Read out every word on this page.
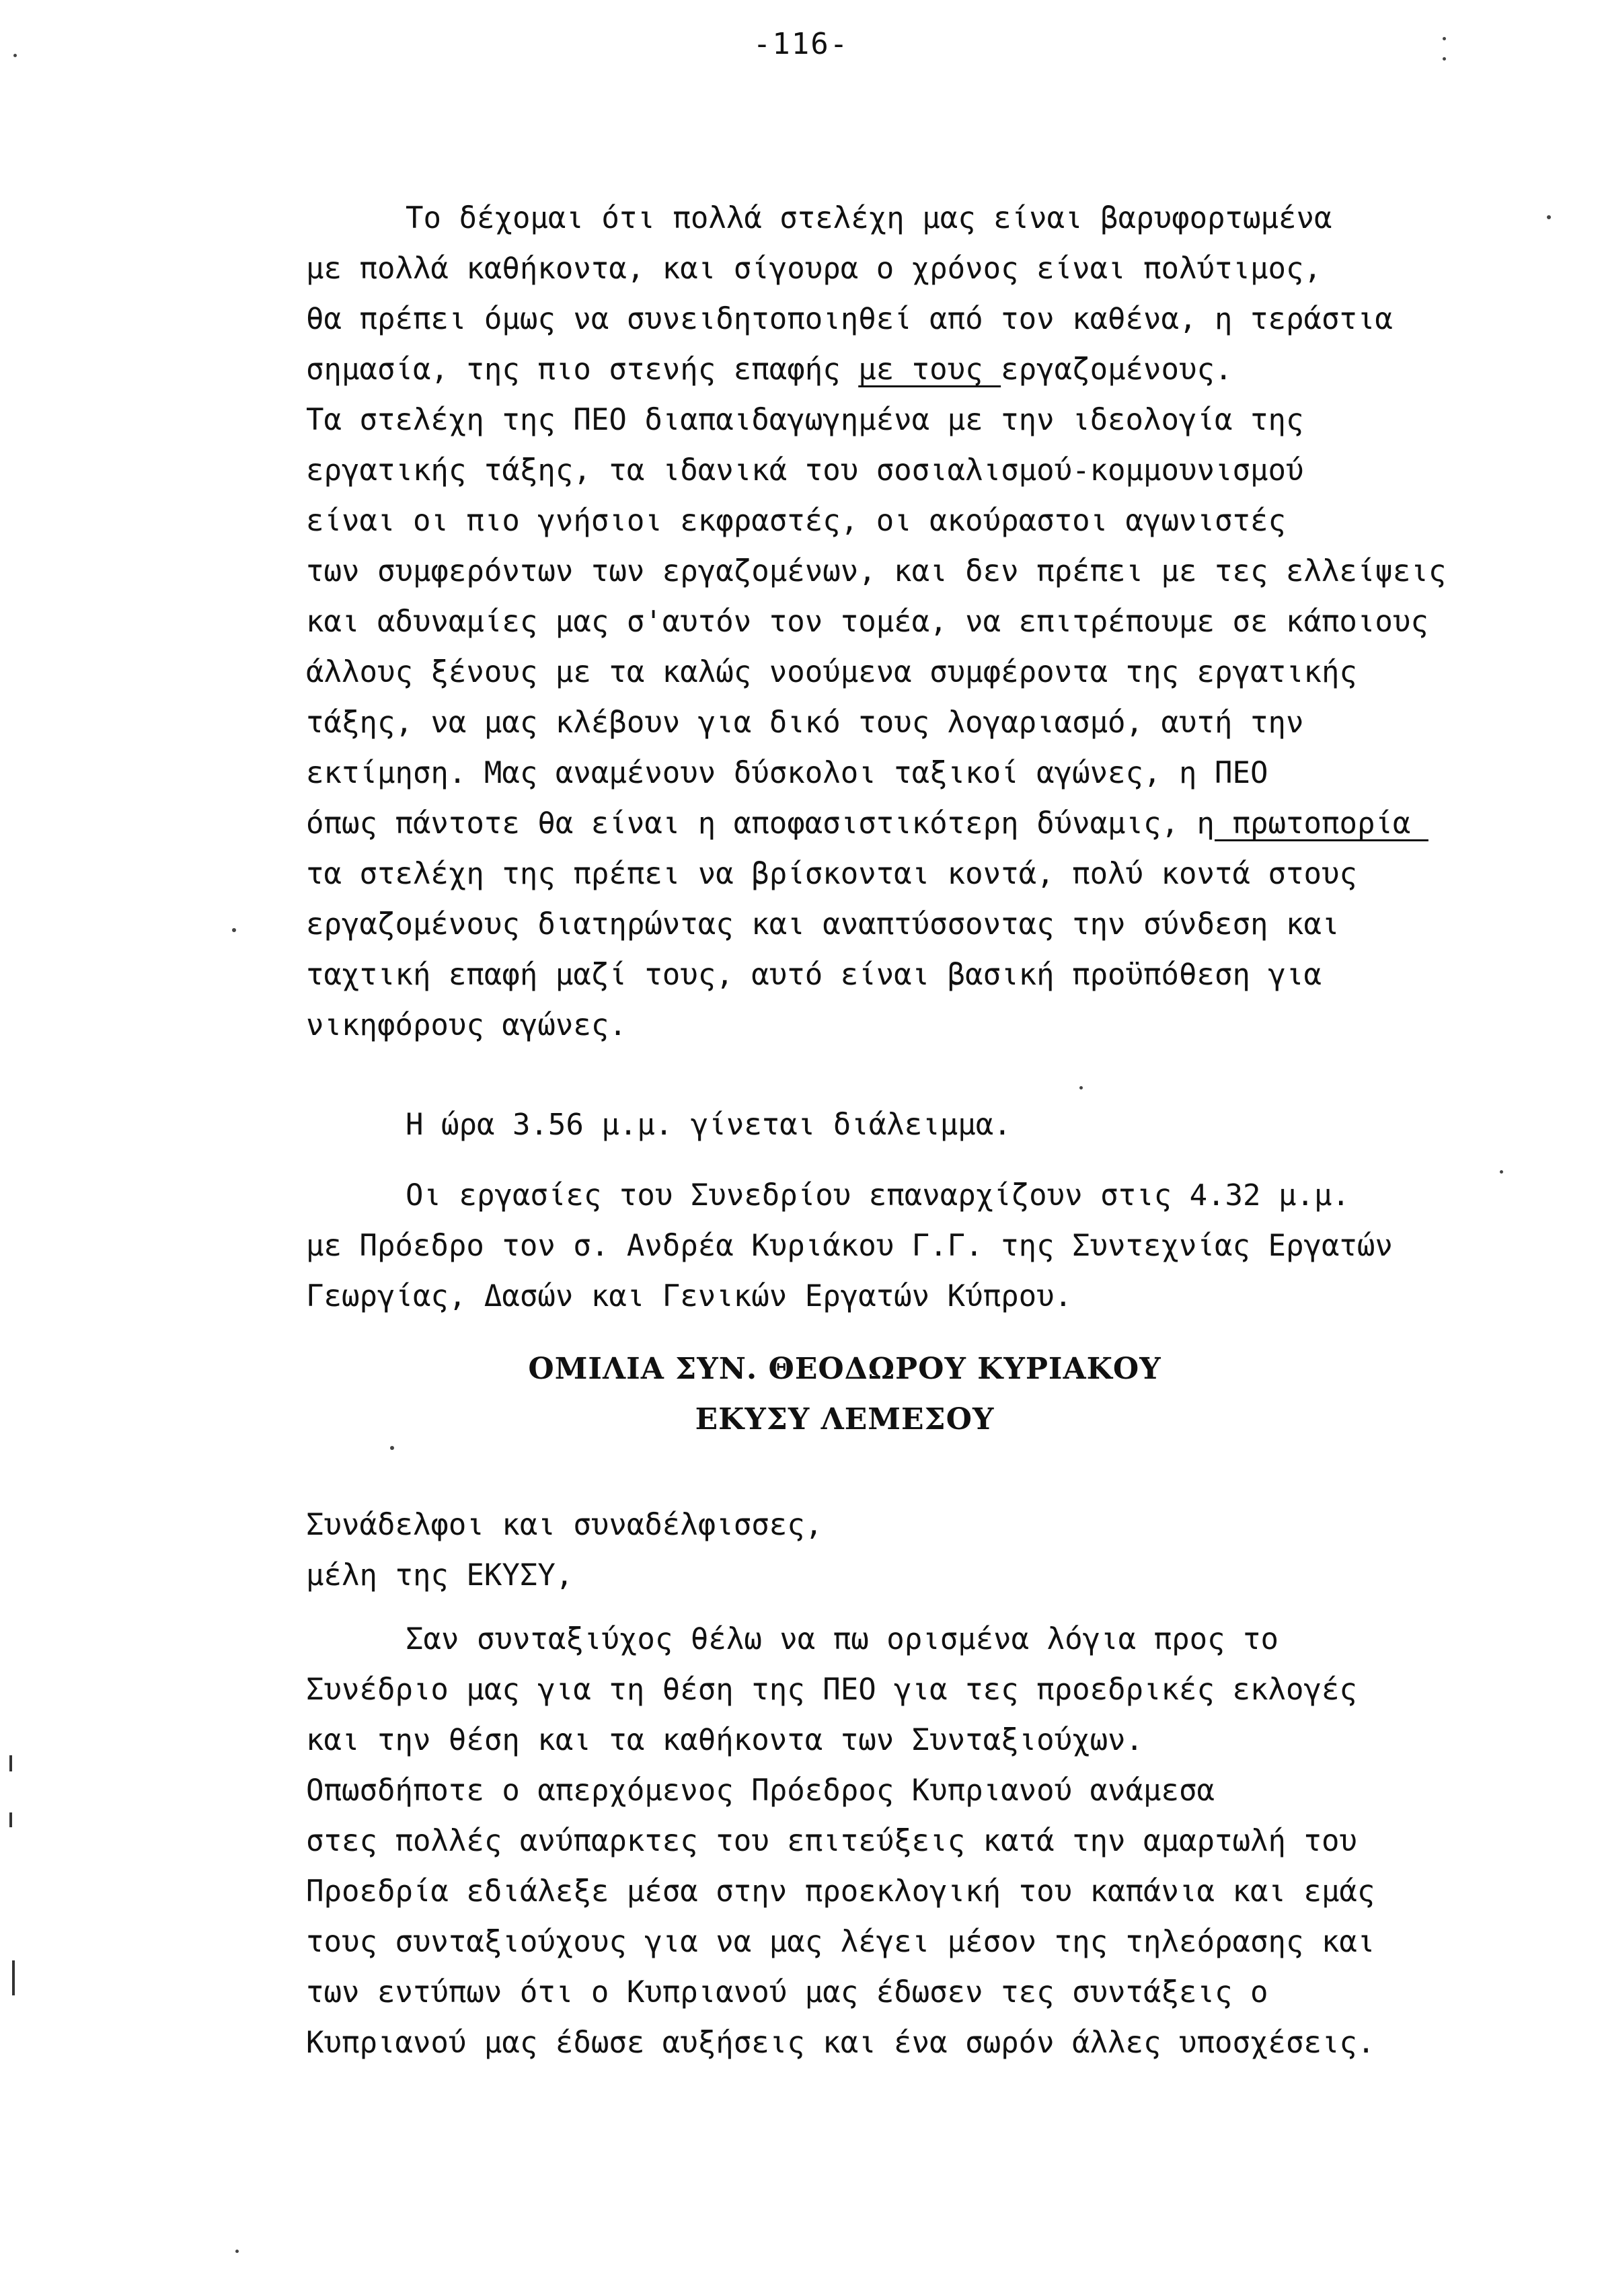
-116-
Το δέχομαι ότι πολλά στελέχη μας είναι βαρυφορτωμένα
με πολλά καθήκοντα, και σίγουρα ο χρόνος είναι πολύτιμος,
θα πρέπει όμως να συνειδητοποιηθεί από τον καθένα, η τεράστια
σημασία, της πιο στενής επαφής με τους εργαζομένους.
Τα στελέχη της ΠΕΟ διαπαιδαγωγημένα με την ιδεολογία της
εργατικής τάξης, τα ιδανικά του σοσιαλισμού-κομμουνισμού
είναι οι πιο γνήσιοι εκφραστές, οι ακούραστοι αγωνιστές
των συμφερόντων των εργαζομένων, και δεν πρέπει με τες ελλείψεις
και αδυναμίες μας σ'αυτόν τον τομέα, να επιτρέπουμε σε κάποιους
άλλους ξένους με τα καλώς νοούμενα συμφέροντα της εργατικής
τάξης, να μας κλέβουν για δικό τους λογαριασμό, αυτή την
εκτίμηση. Μας αναμένουν δύσκολοι ταξικοί αγώνες, η ΠΕΟ
όπως πάντοτε θα είναι η αποφασιστικότερη δύναμις, η πρωτοπορία
τα στελέχη της πρέπει να βρίσκονται κοντά, πολύ κοντά στους
εργαζομένους διατηρώντας και αναπτύσσοντας την σύνδεση και
ταχτική επαφή μαζί τους, αυτό είναι βασική προϋπόθεση για
νικηφόρους αγώνες.
Η ώρα 3.56 μ.μ. γίνεται διάλειμμα.
Οι εργασίες του Συνεδρίου επαναρχίζουν στις 4.32 μ.μ.
με Πρόεδρο τον σ. Ανδρέα Κυριάκου Γ.Γ. της Συντεχνίας Εργατών
Γεωργίας, Δασών και Γενικών Εργατών Κύπρου.
ΟΜΙΛΙΑ ΣΥΝ. ΘΕΟΔΩΡΟΥ ΚΥΡΙΑΚΟΥ
ΕΚΥΣΥ ΛΕΜΕΣΟΥ
Συνάδελφοι και συναδέλφισσες,
μέλη της ΕΚΥΣΥ,
Σαν συνταξιύχος θέλω να πω ορισμένα λόγια προς το
Συνέδριο μας για τη θέση της ΠΕΟ για τες προεδρικές εκλογές
και την θέση και τα καθήκοντα των Συνταξιούχων.
Οπωσδήποτε ο απερχόμενος Πρόεδρος Κυπριανού ανάμεσα
στες πολλές ανύπαρκτες του επιτεύξεις κατά την αμαρτωλή του
Προεδρία εδιάλεξε μέσα στην προεκλογική του καπάνια και εμάς
τους συνταξιούχους για να μας λέγει μέσον της τηλεόρασης και
των εντύπων ότι ο Κυπριανού μας έδωσεν τες συντάξεις ο
Κυπριανού μας έδωσε αυξήσεις και ένα σωρόν άλλες υποσχέσεις.
